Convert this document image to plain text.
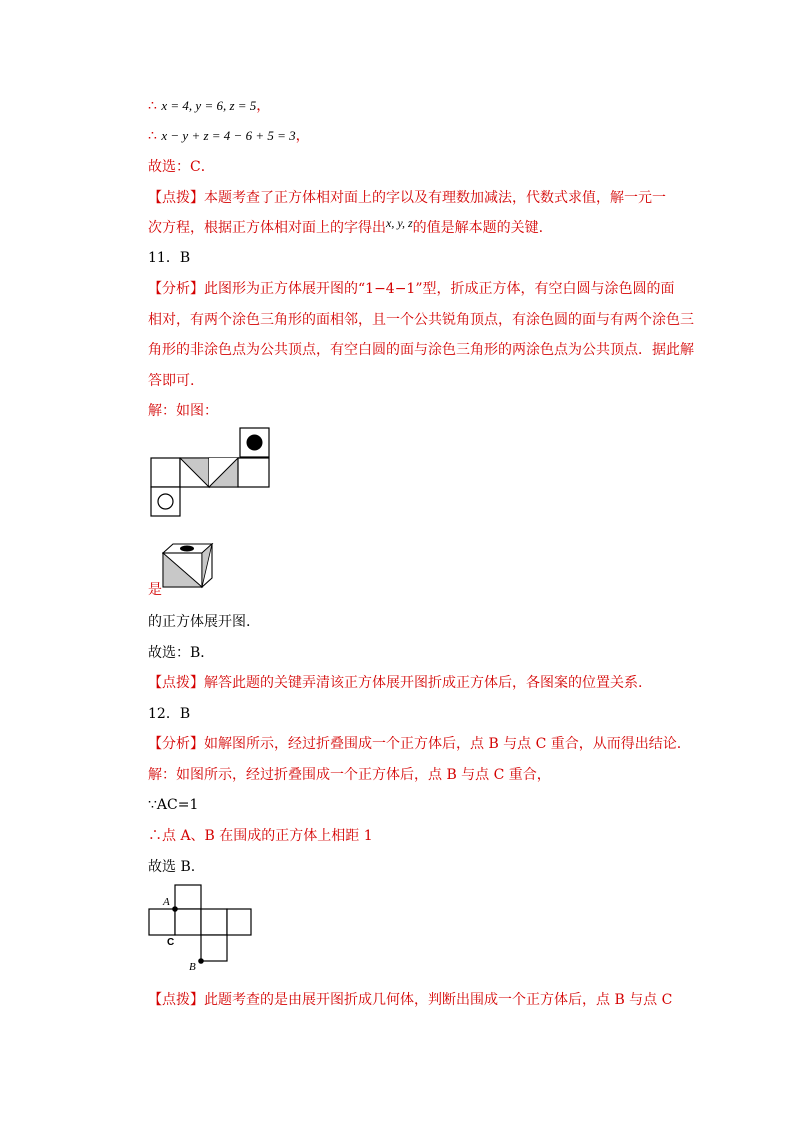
∴ x = 4, y = 6, z = 5，
∴ x − y + z = 4 − 6 + 5 = 3，
故选：C．
【点拨】本题考查了正方体相对面上的字以及有理数加减法，代数式求值，解一元一
次方程，根据正方体相对面上的字得出x, y, z的值是解本题的关键.
11．B
【分析】此图形为正方体展开图的“1−4−1”型，折成正方体，有空白圆与涂色圆的面
相对，有两个涂色三角形的面相邻，且一个公共锐角顶点，有涂色圆的面与有两个涂色三
角形的非涂色点为公共顶点，有空白圆的面与涂色三角形的两涂色点为公共顶点．据此解
答即可.
解：如图：
是
的正方体展开图.
故选：B．
【点拨】解答此题的关键弄清该正方体展开图折成正方体后，各图案的位置关系.
12．B
【分析】如解图所示，经过折叠围成一个正方体后，点 B 与点 C 重合，从而得出结论.
解：如图所示，经过折叠围成一个正方体后，点 B 与点 C 重合，
∵AC=1
∴点 A、B 在围成的正方体上相距 1
故选 B.
A
C
B
【点拨】此题考查的是由展开图折成几何体，判断出围成一个正方体后，点 B 与点 C
